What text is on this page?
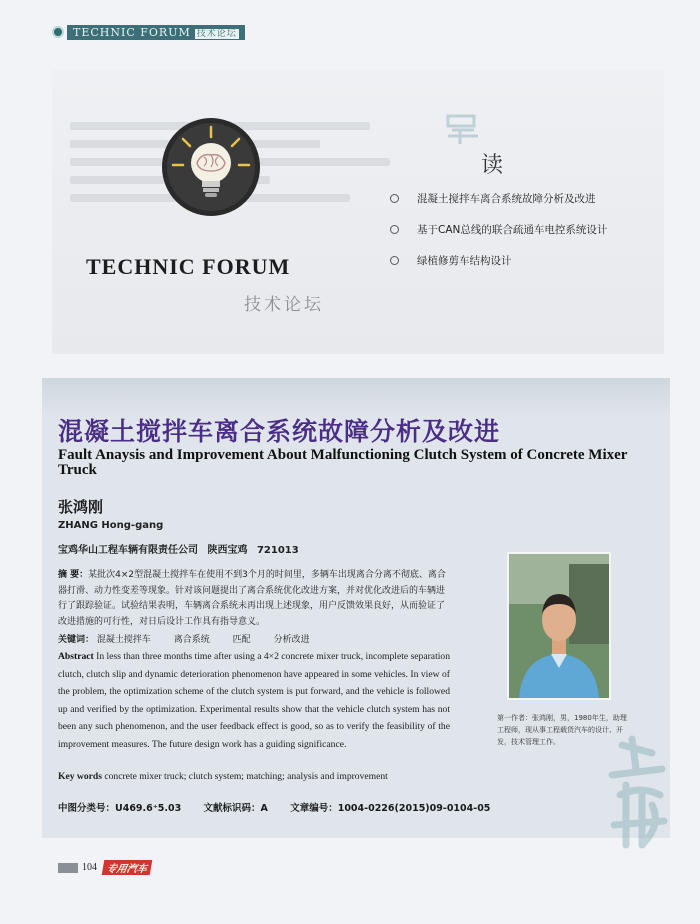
TECHNIC FORUM 技术论坛
TECHNIC FORUM
技术论坛
读
混凝土搅拌车离合系统故障分析及改进
基于CAN总线的联合疏通车电控系统设计
绿植修剪车结构设计
混凝土搅拌车离合系统故障分析及改进
Fault Anaysis and Improvement About Malfunctioning Clutch System of Concrete Mixer Truck
张鸿刚
ZHANG Hong-gang
宝鸡华山工程车辆有限责任公司 陕西宝鸡 721013
摘 要：某批次4×2型混凝土搅拌车在使用不到3个月的时间里，多辆车出现离合分离不彻底、离合器打滑、动力性变差等现象。针对该问题提出了离合系统优化改进方案，并对优化改进后的车辆进行了跟踪验证。试验结果表明，车辆离合系统未再出现上述现象，用户反馈效果良好，从而验证了改进措施的可行性，对日后设计工作具有指导意义。
关键词： 混凝土搅拌车	离合系统	匹配	分析改进
Abstract In less than three months time after using a 4×2 concrete mixer truck, incomplete separation clutch, clutch slip and dynamic deterioration phenomenon have appeared in some vehicles. In view of the problem, the optimization scheme of the clutch system is put forward, and the vehicle is followed up and verified by the optimization. Experimental results show that the vehicle clutch system has not been any such phenomenon, and the user feedback effect is good, so as to verify the feasibility of the improvement measures. The future design work has a guiding significance.
Key words concrete mixer truck; clutch system; matching; analysis and improvement
第一作者：张鸿刚，男，1980年生，助理工程师，现从事工程载货汽车的设计、开发，技术管理工作。
中图分类号：U469.6⁺5.03 文献标识码：A 文章编号：1004-0226(2015)09-0104-05
104 专用汽车
